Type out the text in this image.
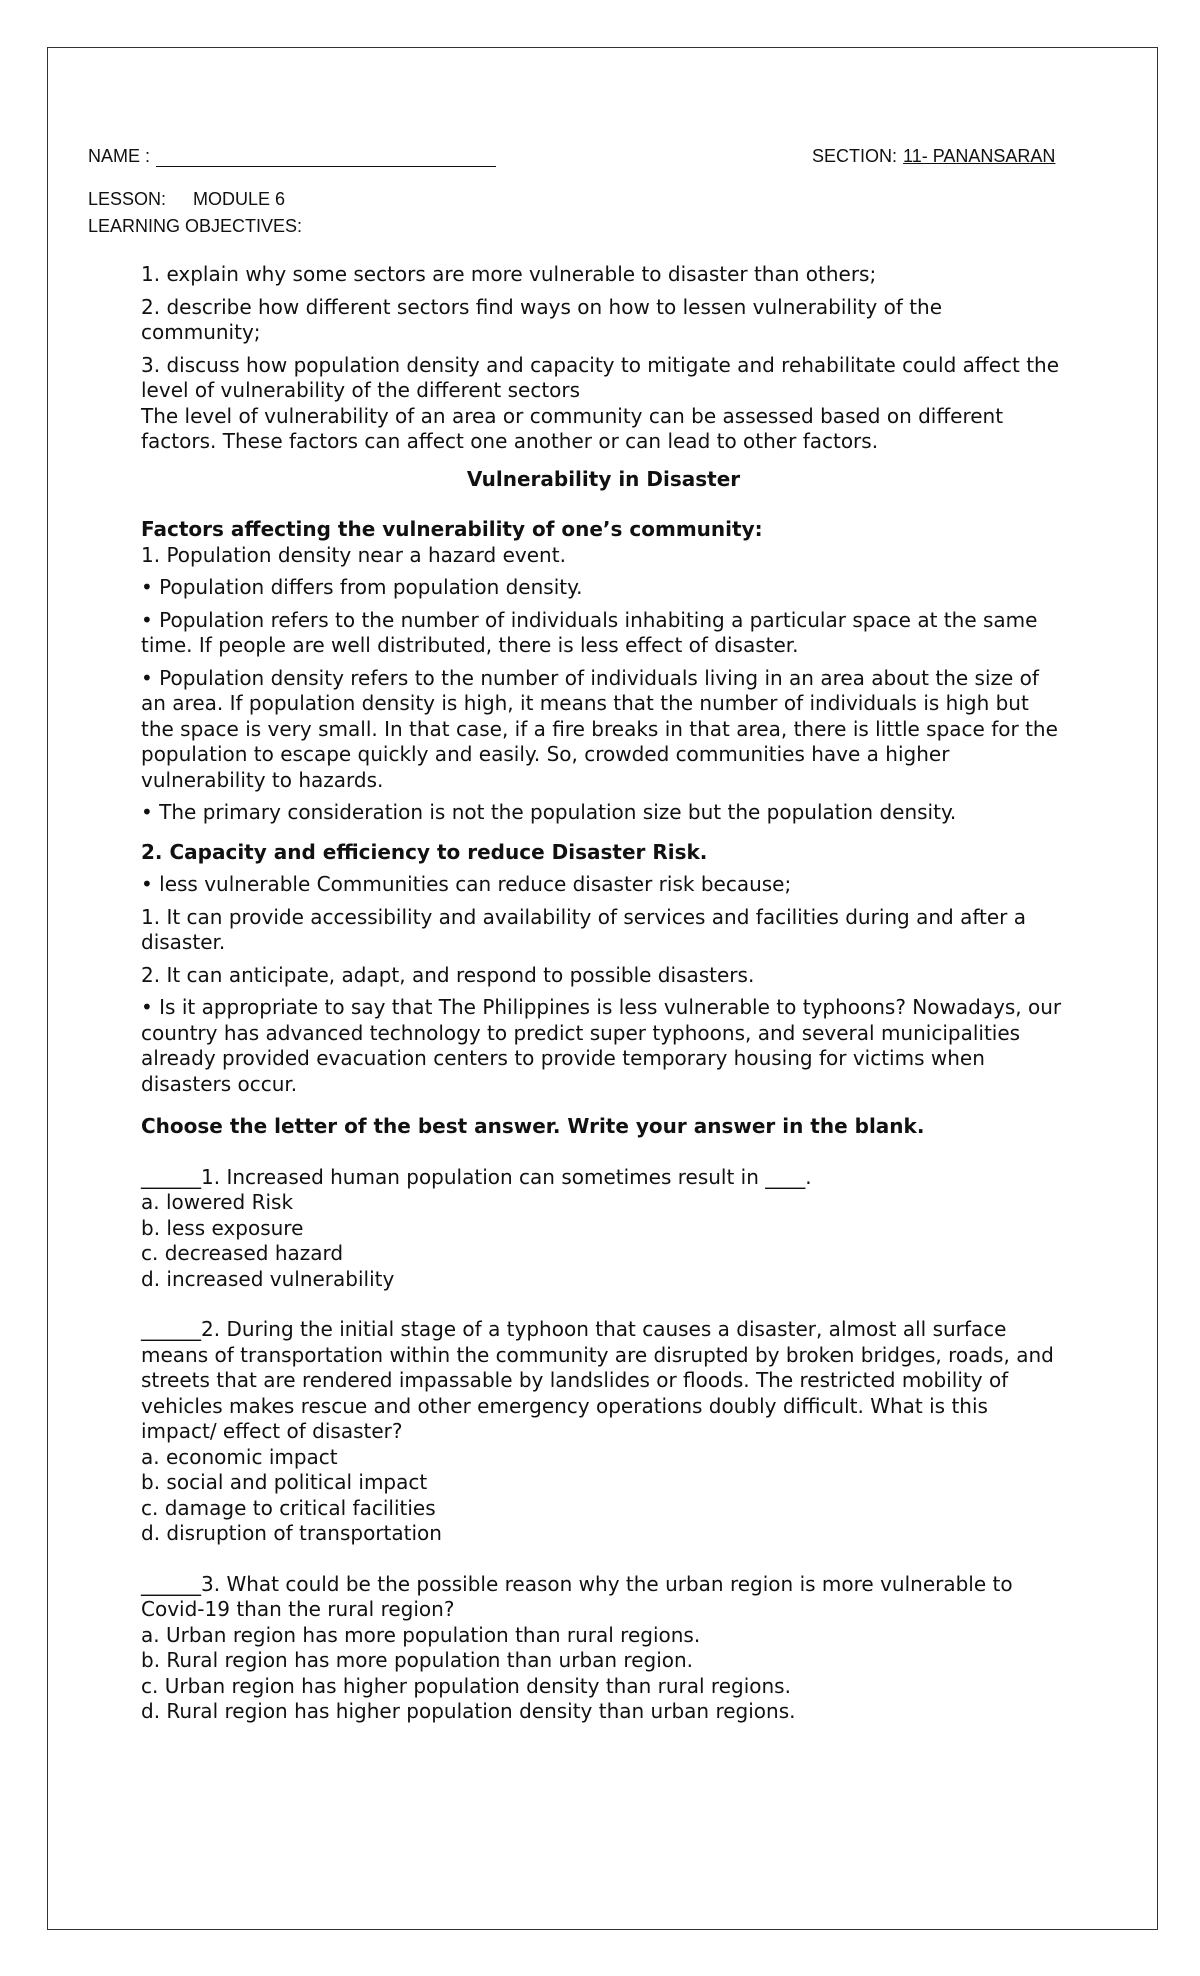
NAME :	SECTION: 11- PANANSARAN
LESSON: MODULE 6
LEARNING OBJECTIVES:

1. explain why some sectors are more vulnerable to disaster than others;

2. describe how different sectors find ways on how to lessen vulnerability of the community;

3. discuss how population density and capacity to mitigate and rehabilitate could affect the level of vulnerability of the different sectors

The level of vulnerability of an area or community can be assessed based on different factors. These factors can affect one another or can lead to other factors.

Vulnerability in Disaster

Factors affecting the vulnerability of one’s community:

1. Population density near a hazard event.

• Population differs from population density.

• Population refers to the number of individuals inhabiting a particular space at the same time. If people are well distributed, there is less effect of disaster.

• Population density refers to the number of individuals living in an area about the size of an area. If population density is high, it means that the number of individuals is high but the space is very small. In that case, if a fire breaks in that area, there is little space for the population to escape quickly and easily. So, crowded communities have a higher vulnerability to hazards.

• The primary consideration is not the population size but the population density.

2. Capacity and efficiency to reduce Disaster Risk.

• less vulnerable Communities can reduce disaster risk because;

1. It can provide accessibility and availability of services and facilities during and after a disaster.

2. It can anticipate, adapt, and respond to possible disasters.

• Is it appropriate to say that The Philippines is less vulnerable to typhoons? Nowadays, our country has advanced technology to predict super typhoons, and several municipalities already provided evacuation centers to provide temporary housing for victims when disasters occur.

Choose the letter of the best answer. Write your answer in the blank.

______1. Increased human population can sometimes result in ____.
a. lowered Risk
b. less exposure
c. decreased hazard
d. increased vulnerability
______2. During the initial stage of a typhoon that causes a disaster, almost all surface means of transportation within the community are disrupted by broken bridges, roads, and streets that are rendered impassable by landslides or floods. The restricted mobility of vehicles makes rescue and other emergency operations doubly difficult. What is this impact/ effect of disaster?
a. economic impact
b. social and political impact
c. damage to critical facilities
d. disruption of transportation
______3. What could be the possible reason why the urban region is more vulnerable to Covid-19 than the rural region?
a. Urban region has more population than rural regions.
b. Rural region has more population than urban region.
c. Urban region has higher population density than rural regions.
d. Rural region has higher population density than urban regions.
